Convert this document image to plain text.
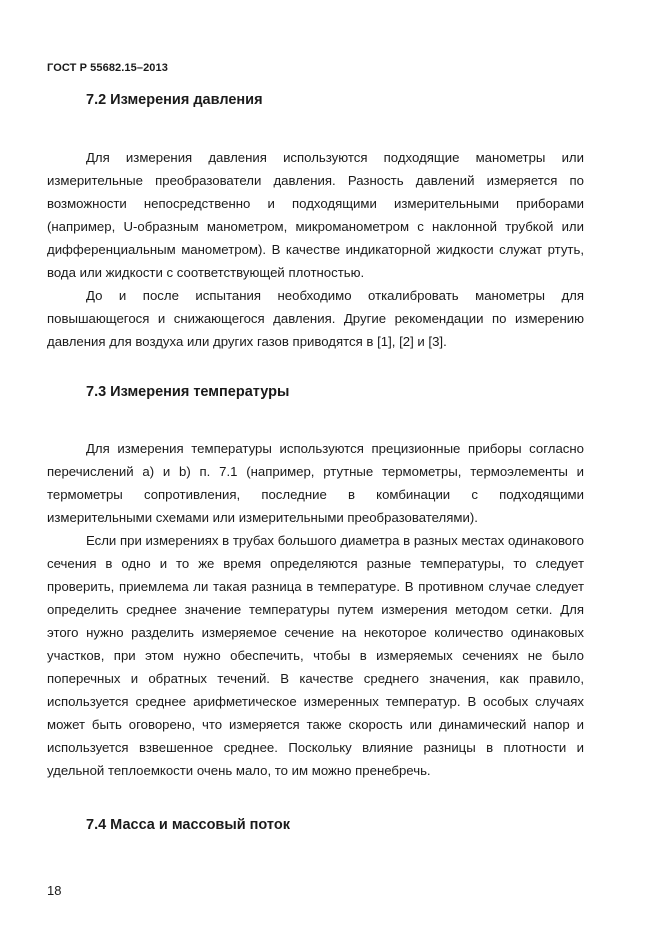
ГОСТ Р 55682.15–2013
7.2 Измерения давления

Для измерения давления используются подходящие манометры или измерительные преобразователи давления. Разность давлений измеряется по возможности непосредственно и подходящими измерительными приборами (например, U-образным манометром, микроманометром с наклонной трубкой или дифференциальным манометром). В качестве индикаторной жидкости служат ртуть, вода или жидкости с соответствующей плотностью.

До и после испытания необходимо откалибровать манометры для повышающегося и снижающегося давления. Другие рекомендации по измерению давления для воздуха или других газов приводятся в [1], [2] и [3].

7.3 Измерения температуры

Для измерения температуры используются прецизионные приборы согласно перечислений a) и b) п. 7.1 (например, ртутные термометры, термоэлементы и термометры сопротивления, последние в комбинации с подходящими измерительными схемами или измерительными преобразователями).

Если при измерениях в трубах большого диаметра в разных местах одинакового сечения в одно и то же время определяются разные температуры, то следует проверить, приемлема ли такая разница в температуре. В противном случае следует определить среднее значение температуры путем измерения методом сетки. Для этого нужно разделить измеряемое сечение на некоторое количество одинаковых участков, при этом нужно обеспечить, чтобы в измеряемых сечениях не было поперечных и обратных течений. В качестве среднего значения, как правило, используется среднее арифметическое измеренных температур. В особых случаях может быть оговорено, что измеряется также скорость или динамический напор и используется взвешенное среднее. Поскольку влияние разницы в плотности и удельной теплоемкости очень мало, то им можно пренебречь.

7.4 Масса и массовый поток
18
